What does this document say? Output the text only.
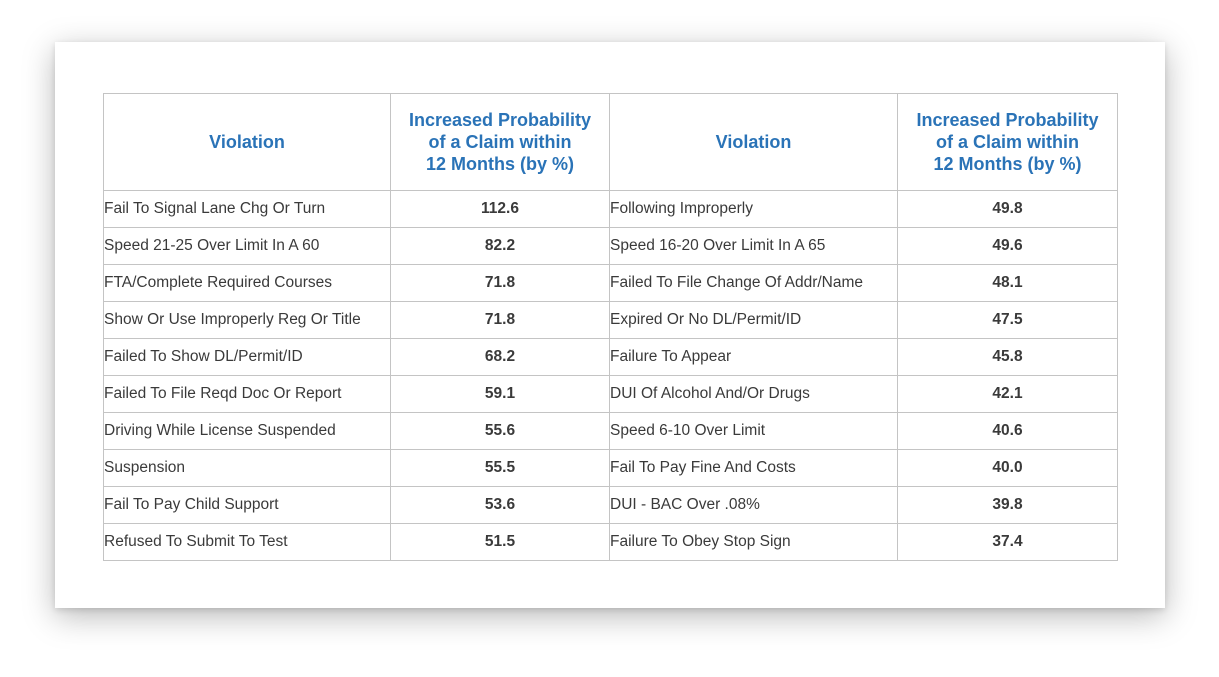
Violation	Increased Probability
of a Claim within
12 Months (by %)	Violation	Increased Probability
of a Claim within
12 Months (by %)
Fail To Signal Lane Chg Or Turn	112.6	Following Improperly	49.8
Speed 21-25 Over Limit In A 60	82.2	Speed 16-20 Over Limit In A 65	49.6
FTA/Complete Required Courses	71.8	Failed To File Change Of Addr/Name	48.1
Show Or Use Improperly Reg Or Title	71.8	Expired Or No DL/Permit/ID	47.5
Failed To Show DL/Permit/ID	68.2	Failure To Appear	45.8
Failed To File Reqd Doc Or Report	59.1	DUI Of Alcohol And/Or Drugs	42.1
Driving While License Suspended	55.6	Speed 6-10 Over Limit	40.6
Suspension	55.5	Fail To Pay Fine And Costs	40.0
Fail To Pay Child Support	53.6	DUI - BAC Over .08%	39.8
Refused To Submit To Test	51.5	Failure To Obey Stop Sign	37.4
